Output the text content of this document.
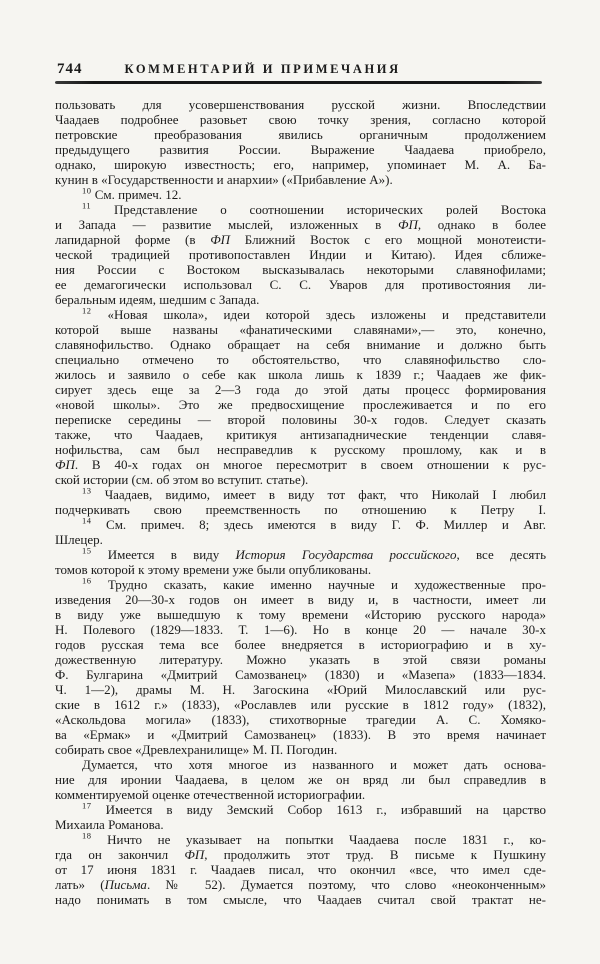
744	КОММЕНТАРИЙ И ПРИМЕЧАНИЯ
пользовать для усовершенствования русской жизни. Впоследствии
Чаадаев подробнее разовьет свою точку зрения, согласно которой
петровские преобразования явились органичным продолжением
предыдущего развития России. Выражение Чаадаева приобрело,
однако, широкую известность; его, например, упоминает М. А. Ба-
кунин в «Государственности и анархии» («Прибавление А»).
$^{10}$ См. примеч. 12.
$^{11}$ Представление о соотношении исторических ролей Востока
и Запада — развитие мыслей, изложенных в ФП, однако в более
лапидарной форме (в ФП Ближний Восток с его мощной монотеисти-
ческой традицией противопоставлен Индии и Китаю). Идея сближе-
ния России с Востоком высказывалась некоторыми славянофилами;
ее демагогически использовал С. С. Уваров для противостояния ли-
беральным идеям, шедшим с Запада.
$^{12}$ «Новая школа», идеи которой здесь изложены и представители
которой выше названы «фанатическими славянами»,— это, конечно,
славянофильство. Однако обращает на себя внимание и должно быть
специально отмечено то обстоятельство, что славянофильство сло-
жилось и заявило о себе как школа лишь к 1839 г.; Чаадаев же фик-
сирует здесь еще за 2—3 года до этой даты процесс формирования
«новой школы». Это же предвосхищение прослеживается и по его
переписке середины — второй половины 30-х годов. Следует сказать
также, что Чаадаев, критикуя антизападнические тенденции славя-
нофильства, сам был несправедлив к русскому прошлому, как и в
ФП. В 40-х годах он многое пересмотрит в своем отношении к рус-
ской истории (см. об этом во вступит. статье).
$^{13}$ Чаадаев, видимо, имеет в виду тот факт, что Николай I любил
подчеркивать свою преемственность по отношению к Петру I.
$^{14}$ См. примеч. 8; здесь имеются в виду Г. Ф. Миллер и Авг.
Шлецер.
$^{15}$ Имеется в виду История Государства российского, все десять
томов которой к этому времени уже были опубликованы.
$^{16}$ Трудно сказать, какие именно научные и художественные про-
изведения 20—30-х годов он имеет в виду и, в частности, имеет ли
в виду уже вышедшую к тому времени «Историю русского народа»
Н. Полевого (1829—1833. Т. 1—6). Но в конце 20 — начале 30-х
годов русская тема все более внедряется в историографию и в ху-
дожественную литературу. Можно указать в этой связи романы
Ф. Булгарина «Дмитрий Самозванец» (1830) и «Мазепа» (1833—1834.
Ч. 1—2), драмы М. Н. Загоскина «Юрий Милославский или рус-
ские в 1612 г.» (1833), «Рославлев или русские в 1812 году» (1832),
«Аскольдова могила» (1833), стихотворные трагедии А. С. Хомяко-
ва «Ермак» и «Дмитрий Самозванец» (1833). В это время начинает
собирать свое «Древлехранилище» М. П. Погодин.
Думается, что хотя многое из названного и может дать основа-
ние для иронии Чаадаева, в целом же он вряд ли был справедлив в
комментируемой оценке отечественной историографии.
$^{17}$ Имеется в виду Земский Собор 1613 г., избравший на царство
Михаила Романова.
$^{18}$ Ничто не указывает на попытки Чаадаева после 1831 г., ко-
гда он закончил ФП, продолжить этот труд. В письме к Пушкину
от 17 июня 1831 г. Чаадаев писал, что окончил «все, что имел сде-
лать» (Письма. № 52). Думается поэтому, что слово «неоконченным»
надо понимать в том смысле, что Чаадаев считал свой трактат не-
